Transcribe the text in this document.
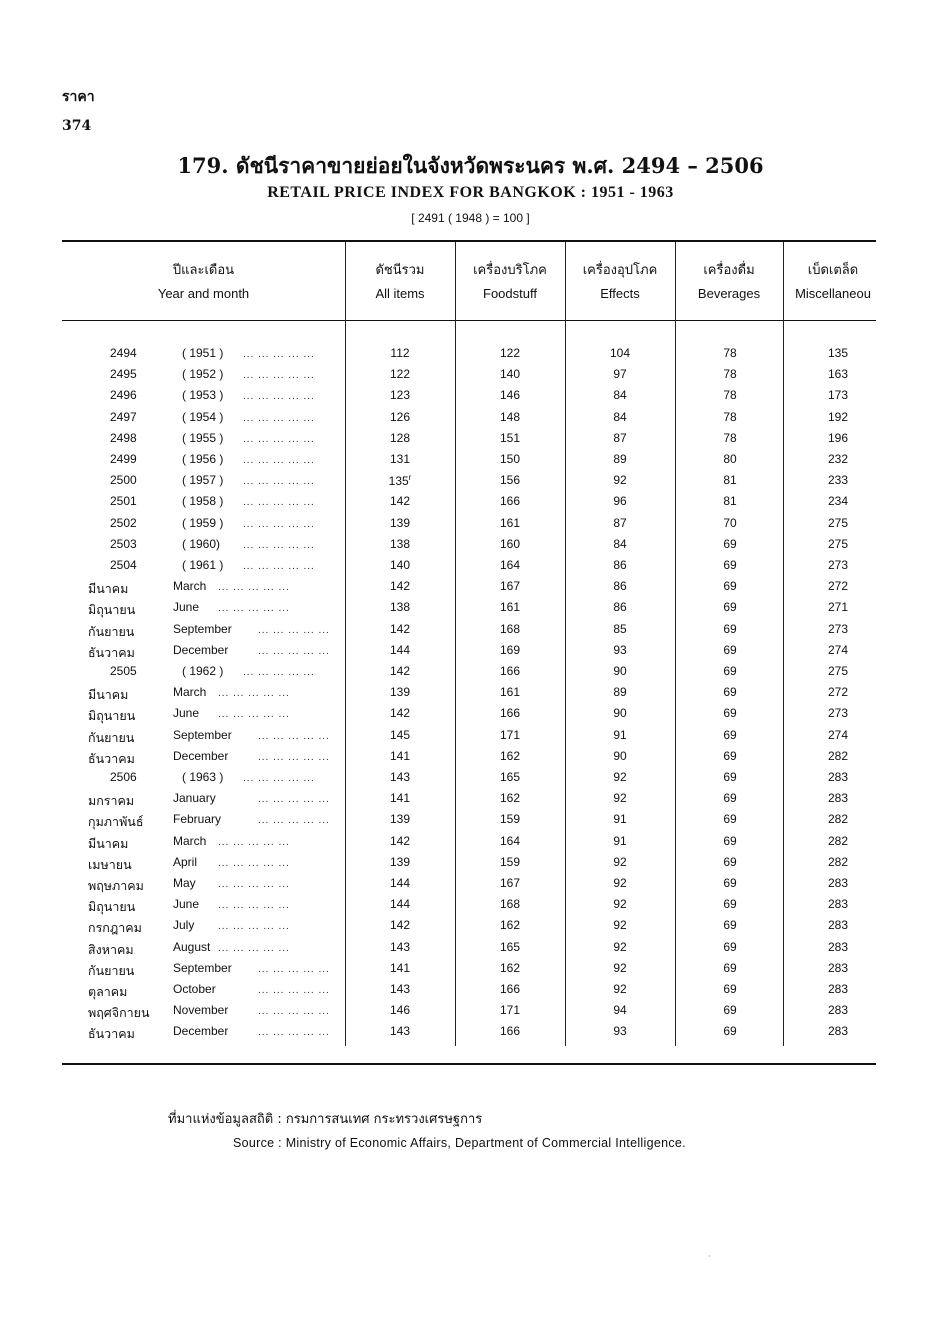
ราคา
374
179. ดัชนีราคาขายย่อยในจังหวัดพระนคร พ.ศ. 2494 – 2506
RETAIL PRICE INDEX FOR BANGKOK : 1951 - 1963
[ 2491 ( 1948 ) = 100 ]
ปีและเดือน
Year and month
ดัชนีรวม
All items
เครื่องบริโภค
Foodstuff
เครื่องอุปโภค
Effects
เครื่องดื่ม
Beverages
เบ็ดเตล็ด
Miscellaneou
2494	( 1951 ) ... ... ... ... ...	112	122	104	78	135
2495	( 1952 ) ... ... ... ... ...	122	140	97	78	163
2496	( 1953 ) ... ... ... ... ...	123	146	84	78	173
2497	( 1954 ) ... ... ... ... ...	126	148	84	78	192
2498	( 1955 ) ... ... ... ... ...	128	151	87	78	196
2499	( 1956 ) ... ... ... ... ...	131	150	89	80	232
2500	( 1957 ) ... ... ... ... ...	135$^r$	156	92	81	233
2501	( 1958 ) ... ... ... ... ...	142	166	96	81	234
2502	( 1959 ) ... ... ... ... ...	139	161	87	70	275
2503	( 1960) ... ... ... ... ...	138	160	84	69	275
2504	( 1961 ) ... ... ... ... ...	140	164	86	69	273
มีนาคม	March ... ... ... ... ...	142	167	86	69	272
มิถุนายน	June ... ... ... ... ...	138	161	86	69	271
กันยายน	September	... ... ... ... ...	142	168	85	69	273
ธันวาคม	December	... ... ... ... ...	144	169	93	69	274
2505	( 1962 ) ... ... ... ... ...	142	166	90	69	275
มีนาคม	March ... ... ... ... ...	139	161	89	69	272
มิถุนายน	June ... ... ... ... ...	142	166	90	69	273
กันยายน	September	... ... ... ... ...	145	171	91	69	274
ธันวาคม	December	... ... ... ... ...	141	162	90	69	282
2506	( 1963 ) ... ... ... ... ...	143	165	92	69	283
มกราคม	January	... ... ... ... ...	141	162	92	69	283
กุมภาพันธ์ February	... ... ... ... ...	139	159	91	69	282
มีนาคม	March ... ... ... ... ...	142	164	91	69	282
เมษายน	April ... ... ... ... ...	139	159	92	69	282
พฤษภาคม May ... ... ... ... ...	144	167	92	69	283
มิถุนายน	June ... ... ... ... ...	144	168	92	69	283
กรกฎาคม	July ... ... ... ... ...	142	162	92	69	283
สิงหาคม	August ... ... ... ... ...	143	165	92	69	283
กันยายน	September	... ... ... ... ...	141	162	92	69	283
ตุลาคม	October	... ... ... ... ...	143	166	92	69	283
พฤศจิกายน November	... ... ... ... ...	146	171	94	69	283
ธันวาคม	December	... ... ... ... ...	143	166	93	69	283
ที่มาแห่งข้อมูลสถิติ : กรมการสนเทศ กระทรวงเศรษฐการ
Source : Ministry of Economic Affairs, Department of Commercial Intelligence.
·
